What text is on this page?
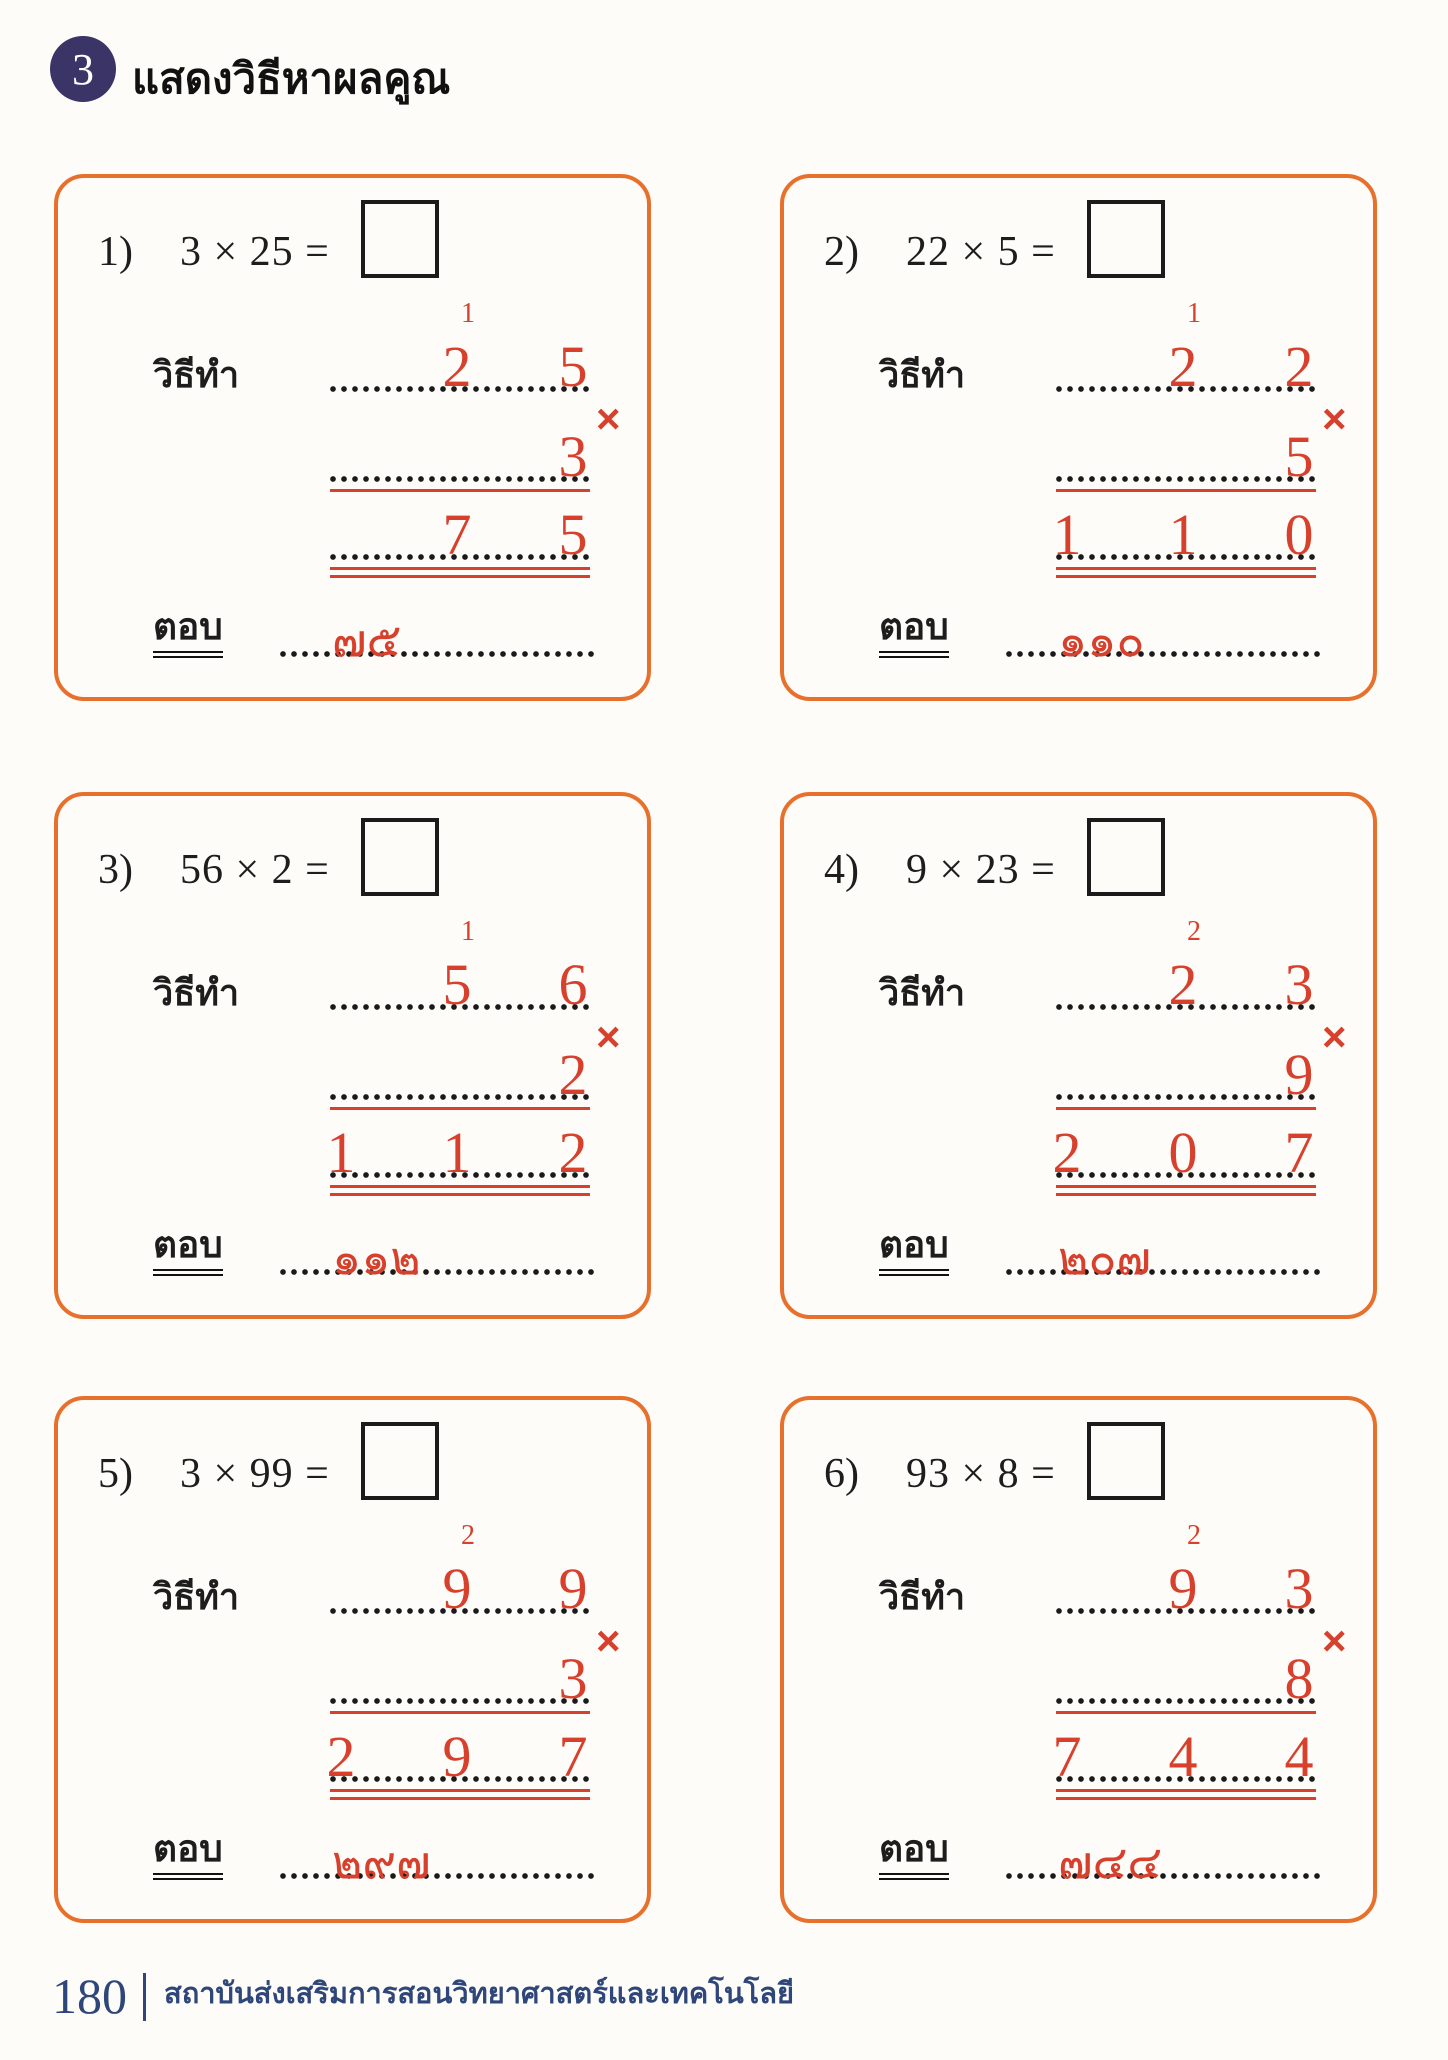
3 แสดงวิธีหาผลคูณ
1) 3 × 25 =
วิธีทำ
1
2 5
×
3
7 5
ตอบ ๗๕
2) 22 × 5 =
วิธีทำ
1
2 2
×
5
1 1 0
ตอบ ๑๑๐
3) 56 × 2 =
วิธีทำ
1
5 6
×
2
1 1 2
ตอบ ๑๑๒
4) 9 × 23 =
วิธีทำ
2
2 3
×
9
2 0 7
ตอบ ๒๐๗
5) 3 × 99 =
วิธีทำ
2
9 9
×
3
2 9 7
ตอบ ๒๙๗
6) 93 × 8 =
วิธีทำ
2
9 3
×
8
7 4 4
ตอบ ๗๔๔
180 สถาบันส่งเสริมการสอนวิทยาศาสตร์และเทคโนโลยี
